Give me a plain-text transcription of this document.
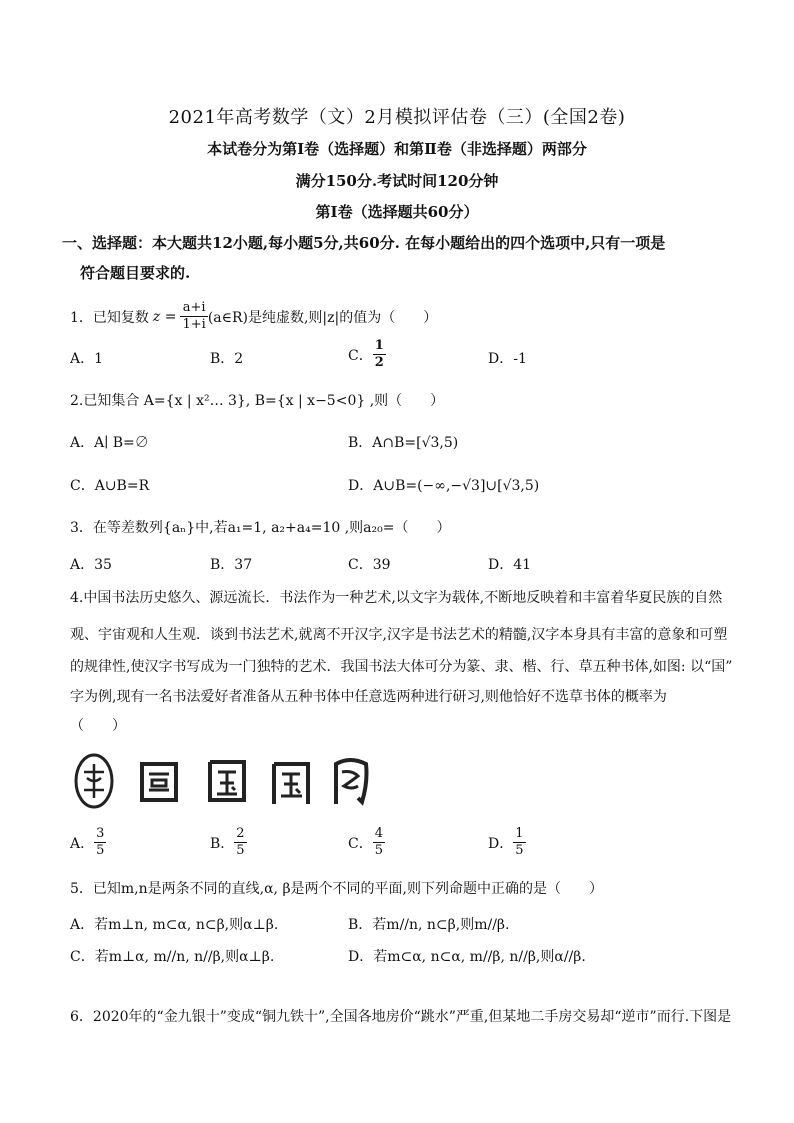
2021年高考数学（文）2月模拟评估卷（三）(全国2卷)
本试卷分为第Ⅰ卷（选择题）和第Ⅱ卷（非选择题）两部分
满分150分.考试时间120分钟
第Ⅰ卷（选择题共60分）
一、选择题：本大题共12小题,每小题5分,共60分. 在每小题给出的四个选项中,只有一项是
符合题目要求的.
1．已知复数 $z = \frac{a+i}{1+i}$ (a∈R)是纯虚数,则|z|的值为（　　）
A．1	B．2	C． $\frac{1}{2}$	D．-1
2.已知集合 A={x | x²… 3}, B={x | x−5<0} ,则（　　）
A．A∣ B=∅	B．A∩B=[√3,5)
C．A∪B=R	D．A∪B=(−∞,−√3]∪[√3,5)
3．在等差数列{aₙ}中,若a₁=1, a₂+a₄=10 ,则a₂₀=（　　）
A．35	B．37	C．39	D．41
4.中国书法历史悠久、源远流长．书法作为一种艺术,以文字为载体,不断地反映着和丰富着华夏民族的自然
观、宇宙观和人生观．谈到书法艺术,就离不开汉字,汉字是书法艺术的精髓,汉字本身具有丰富的意象和可塑
的规律性,使汉字书写成为一门独特的艺术．我国书法大体可分为篆、隶、楷、行、草五种书体,如图: 以“国”
字为例,现有一名书法爱好者准备从五种书体中任意选两种进行研习,则他恰好不选草书体的概率为
（　　）
A． $\frac{3}{5}$	B． $\frac{2}{5}$	C． $\frac{4}{5}$	D． $\frac{1}{5}$
5．已知m,n是两条不同的直线,α, β是两个不同的平面,则下列命题中正确的是（　　）
A．若m⊥n, m⊂α, n⊂β,则α⊥β.	B．若m//n, n⊂β,则m//β.
C．若m⊥α, m//n, n//β,则α⊥β.	D．若m⊂α, n⊂α, m//β, n//β,则α//β.
6．2020年的“金九银十”变成“铜九铁十”,全国各地房价“跳水”严重,但某地二手房交易却“逆市”而行.下图是
